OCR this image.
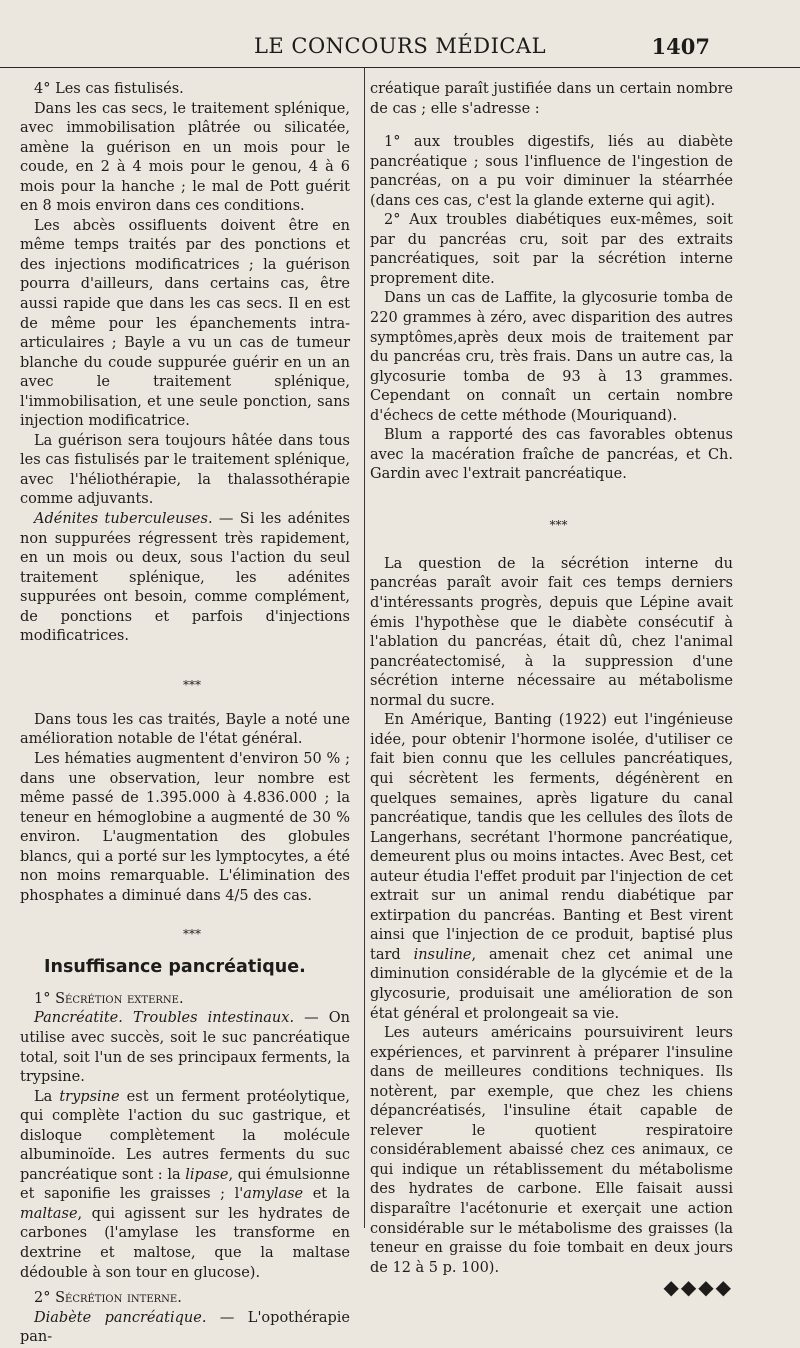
LE CONCOURS MÉDICAL	1407

4° Les cas fistulisés.

Dans les cas secs, le traitement splénique, avec immobilisation plâtrée ou silicatée, amène la guérison en un mois pour le coude, en 2 à 4 mois pour le genou, 4 à 6 mois pour la hanche ; le mal de Pott guérit en 8 mois environ dans ces conditions.

Les abcès ossifluents doivent être en même temps traités par des ponctions et des injections modificatrices ; la guérison pourra d'ailleurs, dans certains cas, être aussi rapide que dans les cas secs. Il en est de même pour les épanchements intra-articulaires ; Bayle a vu un cas de tumeur blanche du coude suppurée guérir en un an avec le traitement splénique, l'immobilisation, et une seule ponction, sans injection modificatrice.

La guérison sera toujours hâtée dans tous les cas fistulisés par le traitement splénique, avec l'héliothérapie, la thalassothérapie comme adjuvants.

Adénites tuberculeuses. — Si les adénites non suppurées régressent très rapidement, en un mois ou deux, sous l'action du seul traitement splénique, les adénites suppurées ont besoin, comme complément, de ponctions et parfois d'injections modificatrices.

⁎⁎⁎

Dans tous les cas traités, Bayle a noté une amélioration notable de l'état général.

Les hématies augmentent d'environ 50 % ; dans une observation, leur nombre est même passé de 1.395.000 à 4.836.000 ; la teneur en hémoglobine a augmenté de 30 % environ. L'augmentation des globules blancs, qui a porté sur les lymptocytes, a été non moins remarquable. L'élimination des phosphates a diminué dans 4/5 des cas.

⁎⁎⁎

Insuffisance pancréatique.

1° Sécrétion externe.

Pancréatite. Troubles intestinaux. — On utilise avec succès, soit le suc pancréatique total, soit l'un de ses principaux ferments, la trypsine.

La trypsine est un ferment protéolytique, qui complète l'action du suc gastrique, et disloque complètement la molécule albuminoïde. Les autres ferments du suc pancréatique sont : la lipase, qui émulsionne et saponifie les graisses ; l'amylase et la maltase, qui agissent sur les hydrates de carbones (l'amylase les transforme en dextrine et maltose, que la maltase dédouble à son tour en glucose).

2° Sécrétion interne.

Diabète pancréatique. — L'opothérapie pan-

créatique paraît justifiée dans un certain nombre de cas ; elle s'adresse :

1° aux troubles digestifs, liés au diabète pancréatique ; sous l'influence de l'ingestion de pancréas, on a pu voir diminuer la stéarrhée (dans ces cas, c'est la glande externe qui agit).

2° Aux troubles diabétiques eux-mêmes, soit par du pancréas cru, soit par des extraits pancréatiques, soit par la sécrétion interne proprement dite.

Dans un cas de Laffite, la glycosurie tomba de 220 grammes à zéro, avec disparition des autres symptômes,après deux mois de traitement par du pancréas cru, très frais. Dans un autre cas, la glycosurie tomba de 93 à 13 grammes. Cependant on connaît un certain nombre d'échecs de cette méthode (Mouriquand).

Blum a rapporté des cas favorables obtenus avec la macération fraîche de pancréas, et Ch. Gardin avec l'extrait pancréatique.

⁎⁎⁎

La question de la sécrétion interne du pancréas paraît avoir fait ces temps derniers d'intéressants progrès, depuis que Lépine avait émis l'hypothèse que le diabète consécutif à l'ablation du pancréas, était dû, chez l'animal pancréatectomisé, à la suppression d'une sécrétion interne nécessaire au métabolisme normal du sucre.

En Amérique, Banting (1922) eut l'ingénieuse idée, pour obtenir l'hormone isolée, d'utiliser ce fait bien connu que les cellules pancréatiques, qui sécrètent les ferments, dégénèrent en quelques semaines, après ligature du canal pancréatique, tandis que les cellules des îlots de Langerhans, secrétant l'hormone pancréatique, demeurent plus ou moins intactes. Avec Best, cet auteur étudia l'effet produit par l'injection de cet extrait sur un animal rendu diabétique par extirpation du pancréas. Banting et Best virent ainsi que l'injection de ce produit, baptisé plus tard insuline, amenait chez cet animal une diminution considérable de la glycémie et de la glycosurie, produisait une amélioration de son état général et prolongeait sa vie.

Les auteurs américains poursuivirent leurs expériences, et parvinrent à préparer l'insuline dans de meilleures conditions techniques. Ils notèrent, par exemple, que chez les chiens dépancréatisés, l'insuline était capable de relever le quotient respiratoire considérablement abaissé chez ces animaux, ce qui indique un rétablissement du métabolisme des hydrates de carbone. Elle faisait aussi disparaître l'acétonurie et exerçait une action considérable sur le métabolisme des graisses (la teneur en graisse du foie tombait en deux jours de 12 à 5 p. 100).

◆◆◆◆
